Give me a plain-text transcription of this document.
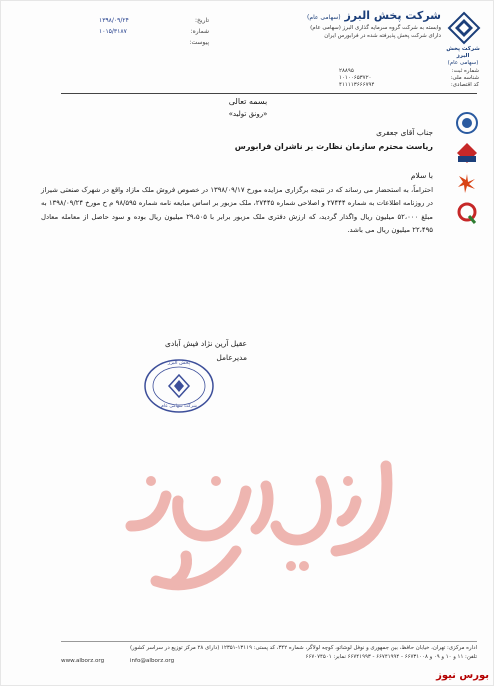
شرکت پخش البرز (سهامی عام)
وابسته به شرکت گروه سرمایه گذاری البرز (سهامی عام)
دارای شرکت پخش پذیرفته شده در فرابورس ایران
شرکت پخش البرز
(سهامی عام)
تاریخ:
۱۳۹۸/۰۹/۲۴
شماره:
۱۰۱۵/۳۱۸۷
پیوست:
شماره ثبت:
شناسه ملی:
کد اقتصادی:
۲۸۸۹۵
۱۰۱۰۰۶۵۳۷۲۰
۴۱۱۱۱۳۶۶۶۷۹۴
بسمه تعالی
«رونق تولید»
جناب آقای جعفری
ریاست محترم سازمان نظارت بر ناشران فرابورس
با سلام
احتراماً، به استحضار می رساند که در نتیجه برگزاری مزایده مورخ ۱۳۹۸/۰۹/۱۷ در خصوص فروش ملک مازاد واقع در شهرک صنعتی شیراز در روزنامه اطلاعات به شماره ۲۷۴۴۴ و اصلاحی شماره ۲۷۴۴۵، ملک مزبور بر اساس مبایعه نامه شماره ۹۸/۵۹۵ م ح مورخ ۱۳۹۸/۰۹/۲۴ به مبلغ ۵۲،۰۰۰ میلیون ریال واگذار گردید، که ارزش دفتری ملک مزبور برابر با ۲۹،۵۰۵ میلیون ریال بوده و سود حاصل از معامله معادل ۲۲،۴۹۵ میلیون ریال می باشد.
عقیل آرین نژاد فیش آبادی
مدیرعامل
پخش البرز
شرکت سهامی عام
اداره مرکزی: تهران، خیابان حافظ، بین جمهوری و نوفل لوشاتو، کوچه لولاگر، شماره ۳۴۲، کد پستی: ۱۳۱۱۹-۱۲۳۵۱ (دارای ۲۸ مرکز توزیع در سراسر کشور)
تلفن: ۱۱ و ۱۰ و ۰۹ و ۶۶۷۳۱۰۰۸ - ۶۶۷۴۱۹۹۴ - ۶۶۷۴۱۹۹۳ نمابر: ۶۶۷۰۷۴۵۰۱
www.alborz.org	info@alborz.org
بورس نیوز
